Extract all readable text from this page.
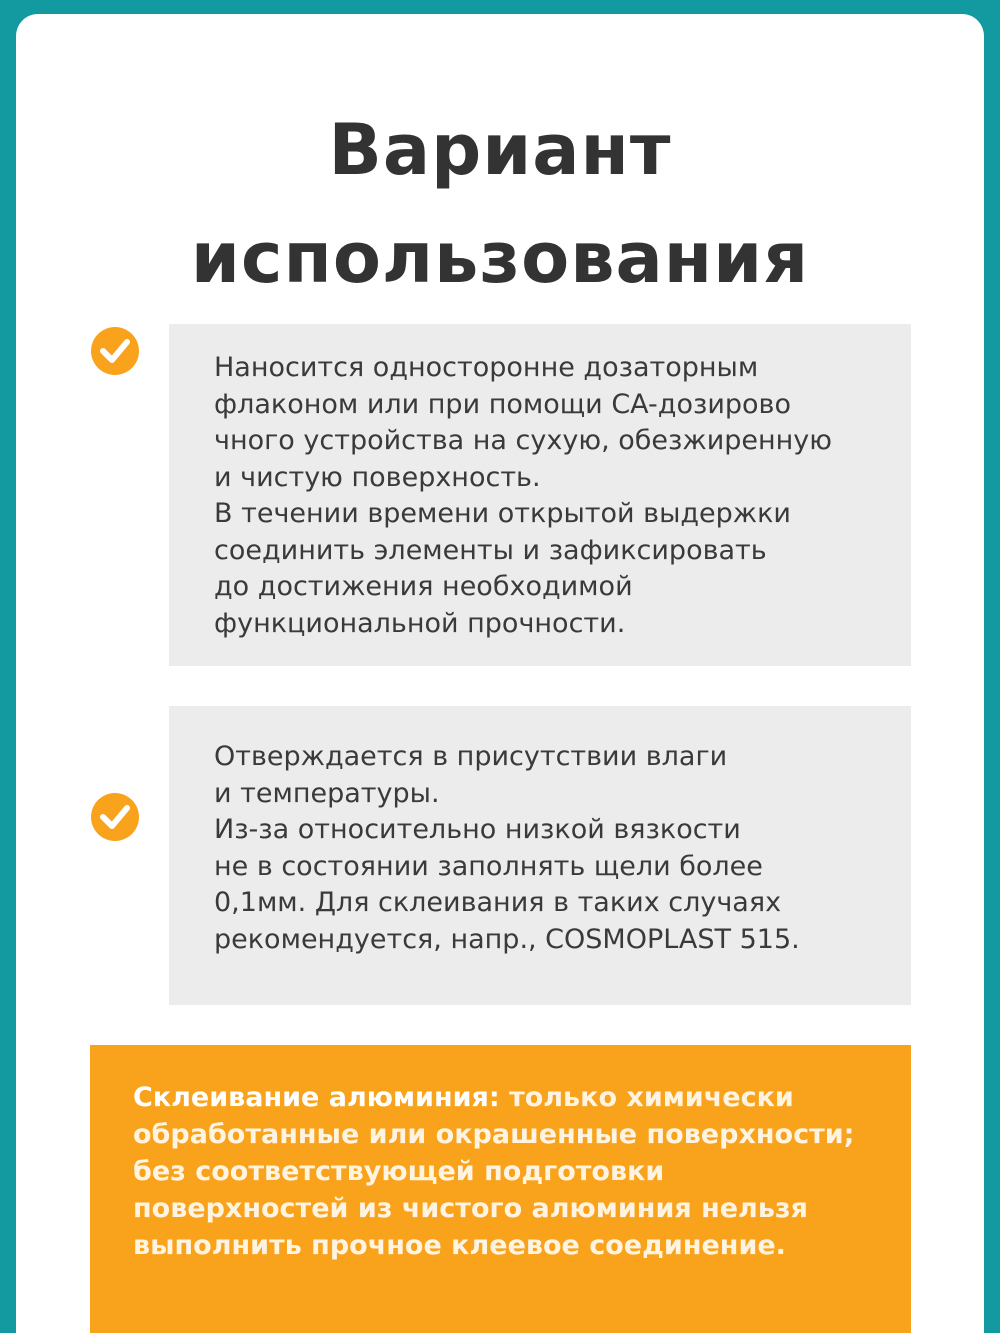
Вариант
использования
Наносится односторонне дозаторным
флаконом или при помощи CA-дозирово
чного устройства на сухую, обезжиренную
и чистую поверхность.
В течении времени открытой выдержки
соединить элементы и зафиксировать
до достижения необходимой
функциональной прочности.
Отверждается в присутствии влаги
и температуры.
Из-за относительно низкой вязкости
не в состоянии заполнять щели более
0,1мм. Для склеивания в таких случаях
рекомендуется, напр., COSMOPLAST 515.
Склеивание алюминия: только химически
обработанные или окрашенные поверхности;
без соответствующей подготовки
поверхностей из чистого алюминия нельзя
выполнить прочное клеевое соединение.
